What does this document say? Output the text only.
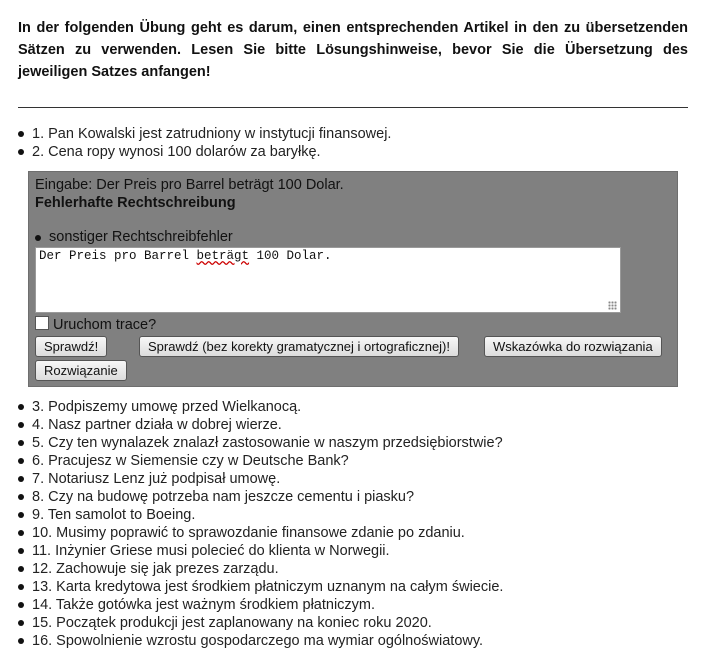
In der folgenden Übung geht es darum, einen entsprechenden Artikel in den zu übersetzenden Sätzen zu verwenden. Lesen Sie bitte Lösungshinweise, bevor Sie die Übersetzung des jeweiligen Satzes anfangen!
1. Pan Kowalski jest zatrudniony w instytucji finansowej.
2. Cena ropy wynosi 100 dolarów za baryłkę.
Eingabe: Der Preis pro Barrel beträgt 100 Dolar.
Fehlerhafte Rechtschreibung
sonstiger Rechtschreibfehler
Der Preis pro Barrel beträgt 100 Dolar.
Uruchom trace?
Sprawdź!	Sprawdź (bez korekty gramatycznej i ortograficznej)!	Wskazówka do rozwiązania
Rozwiązanie
3. Podpiszemy umowę przed Wielkanocą.
4. Nasz partner działa w dobrej wierze.
5. Czy ten wynalazek znalazł zastosowanie w naszym przedsiębiorstwie?
6. Pracujesz w Siemensie czy w Deutsche Bank?
7. Notariusz Lenz już podpisał umowę.
8. Czy na budowę potrzeba nam jeszcze cementu i piasku?
9. Ten samolot to Boeing.
10. Musimy poprawić to sprawozdanie finansowe zdanie po zdaniu.
11. Inżynier Griese musi polecieć do klienta w Norwegii.
12. Zachowuje się jak prezes zarządu.
13. Karta kredytowa jest środkiem płatniczym uznanym na całym świecie.
14. Także gotówka jest ważnym środkiem płatniczym.
15. Początek produkcji jest zaplanowany na koniec roku 2020.
16. Spowolnienie wzrostu gospodarczego ma wymiar ogólnoświatowy.
